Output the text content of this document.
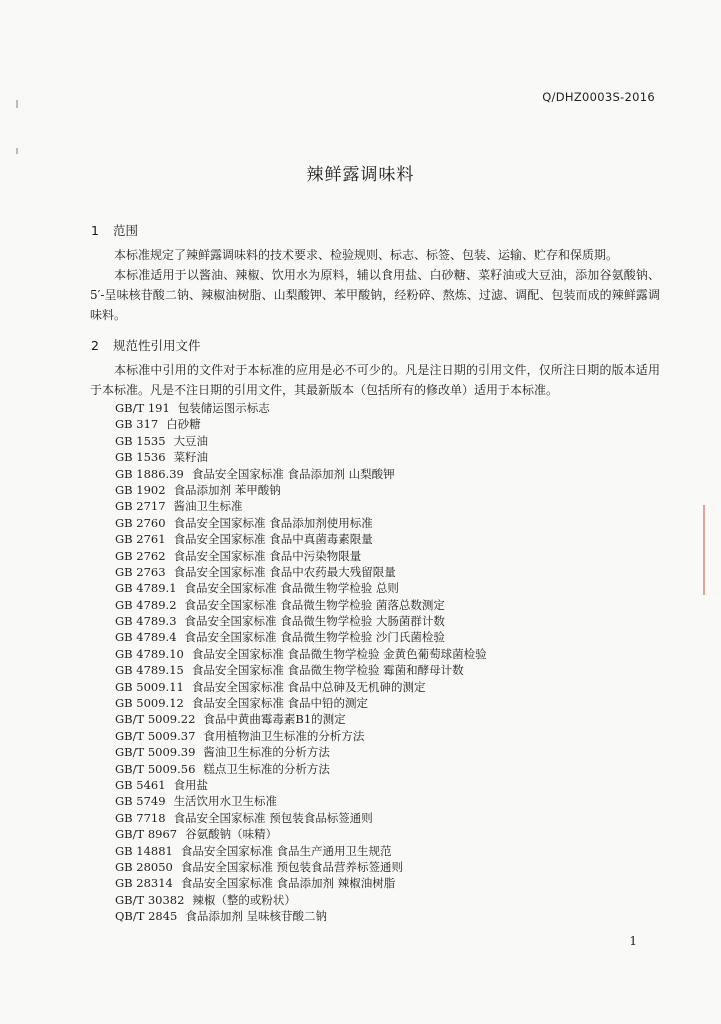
Q/DHZ0003S-2016
辣鲜露调味料
1 范围
本标准规定了辣鲜露调味料的技术要求、检验规则、标志、标签、包装、运输、贮存和保质期。
本标准适用于以酱油、辣椒、饮用水为原料，辅以食用盐、白砂糖、菜籽油或大豆油，添加谷氨酸钠、5′-呈味核苷酸二钠、辣椒油树脂、山梨酸钾、苯甲酸钠，经粉碎、熬炼、过滤、调配、包装而成的辣鲜露调味料。
2 规范性引用文件
本标准中引用的文件对于本标准的应用是必不可少的。凡是注日期的引用文件，仅所注日期的版本适用于本标准。凡是不注日期的引用文件，其最新版本（包括所有的修改单）适用于本标准。
GB/T 191 包装储运图示标志
GB 317 白砂糖
GB 1535 大豆油
GB 1536 菜籽油
GB 1886.39 食品安全国家标准 食品添加剂 山梨酸钾
GB 1902 食品添加剂 苯甲酸钠
GB 2717 酱油卫生标准
GB 2760 食品安全国家标准 食品添加剂使用标准
GB 2761 食品安全国家标准 食品中真菌毒素限量
GB 2762 食品安全国家标准 食品中污染物限量
GB 2763 食品安全国家标准 食品中农药最大残留限量
GB 4789.1 食品安全国家标准 食品微生物学检验 总则
GB 4789.2 食品安全国家标准 食品微生物学检验 菌落总数测定
GB 4789.3 食品安全国家标准 食品微生物学检验 大肠菌群计数
GB 4789.4 食品安全国家标准 食品微生物学检验 沙门氏菌检验
GB 4789.10 食品安全国家标准 食品微生物学检验 金黄色葡萄球菌检验
GB 4789.15 食品安全国家标准 食品微生物学检验 霉菌和酵母计数
GB 5009.11 食品安全国家标准 食品中总砷及无机砷的测定
GB 5009.12 食品安全国家标准 食品中铅的测定
GB/T 5009.22 食品中黄曲霉毒素B1的测定
GB/T 5009.37 食用植物油卫生标准的分析方法
GB/T 5009.39 酱油卫生标准的分析方法
GB/T 5009.56 糕点卫生标准的分析方法
GB 5461 食用盐
GB 5749 生活饮用水卫生标准
GB 7718 食品安全国家标准 预包装食品标签通则
GB/T 8967 谷氨酸钠（味精）
GB 14881 食品安全国家标准 食品生产通用卫生规范
GB 28050 食品安全国家标准 预包装食品营养标签通则
GB 28314 食品安全国家标准 食品添加剂 辣椒油树脂
GB/T 30382 辣椒（整的或粉状）
QB/T 2845 食品添加剂 呈味核苷酸二钠
1
